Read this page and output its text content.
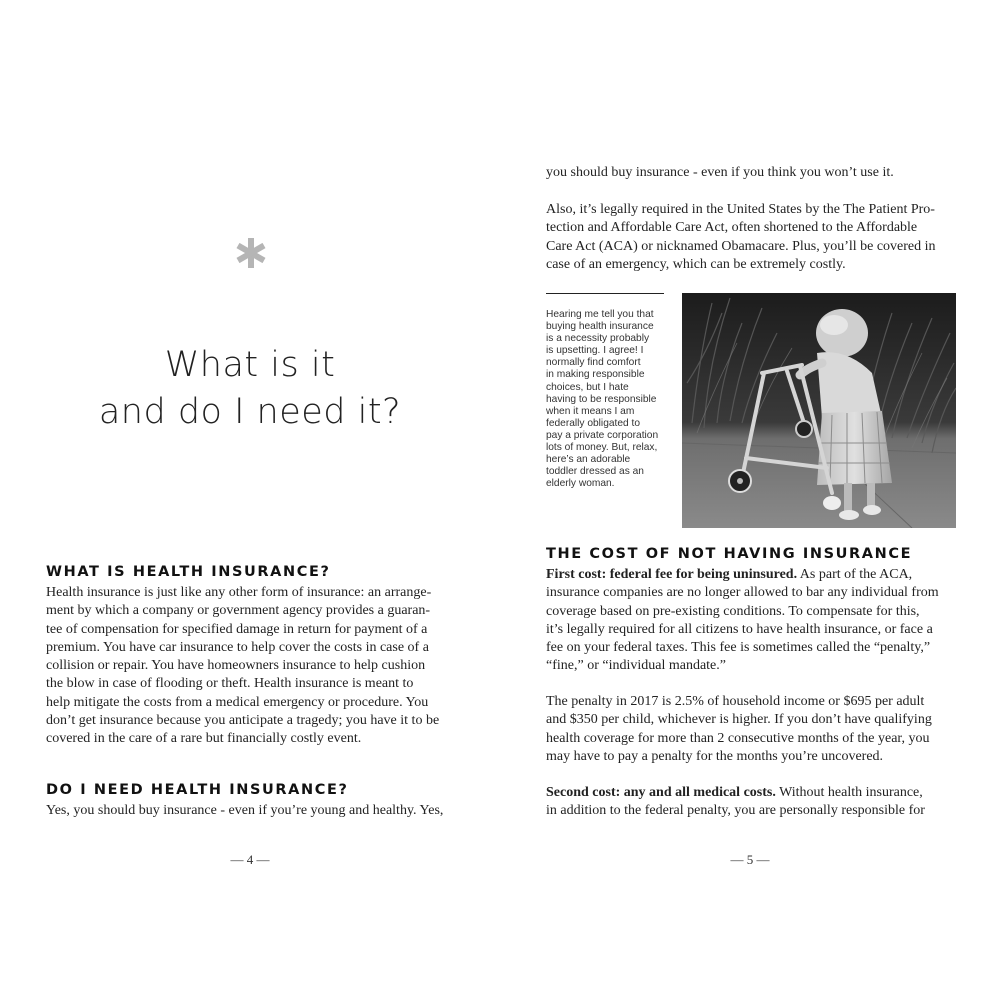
What is it
and do I need it?
WHAT IS HEALTH INSURANCE?
Health insurance is just like any other form of insurance: an arrange-
ment by which a company or government agency provides a guaran-
tee of compensation for specified damage in return for payment of a
premium. You have car insurance to help cover the costs in case of a
collision or repair. You have homeowners insurance to help cushion
the blow in case of flooding or theft. Health insurance is meant to
help mitigate the costs from a medical emergency or procedure. You
don’t get insurance because you anticipate a tragedy; you have it to be
covered in the care of a rare but financially costly event.
DO I NEED HEALTH INSURANCE?
Yes, you should buy insurance - even if you’re young and healthy. Yes,
— 4 —
you should buy insurance - even if you think you won’t use it.
Also, it’s legally required in the United States by the The Patient Pro-
tection and Affordable Care Act, often shortened to the Affordable
Care Act (ACA) or nicknamed Obamacare. Plus, you’ll be covered in
case of an emergency, which can be extremely costly.
Hearing me tell you that
buying health insurance
is a necessity probably
is upsetting. I agree! I
normally find comfort
in making responsible
choices, but I hate
having to be responsible
when it means I am
federally obligated to
pay a private corporation
lots of money. But, relax,
here’s an adorable
toddler dressed as an
elderly woman.
THE COST OF NOT HAVING INSURANCE
First cost: federal fee for being uninsured. As part of the ACA,
insurance companies are no longer allowed to bar any individual from
coverage based on pre-existing conditions. To compensate for this,
it’s legally required for all citizens to have health insurance, or face a
fee on your federal taxes. This fee is sometimes called the “penalty,”
“fine,” or “individual mandate.”
The penalty in 2017 is 2.5% of household income or $695 per adult
and $350 per child, whichever is higher. If you don’t have qualifying
health coverage for more than 2 consecutive months of the year, you
may have to pay a penalty for the months you’re uncovered.
Second cost: any and all medical costs. Without health insurance,
in addition to the federal penalty, you are personally responsible for
— 5 —
